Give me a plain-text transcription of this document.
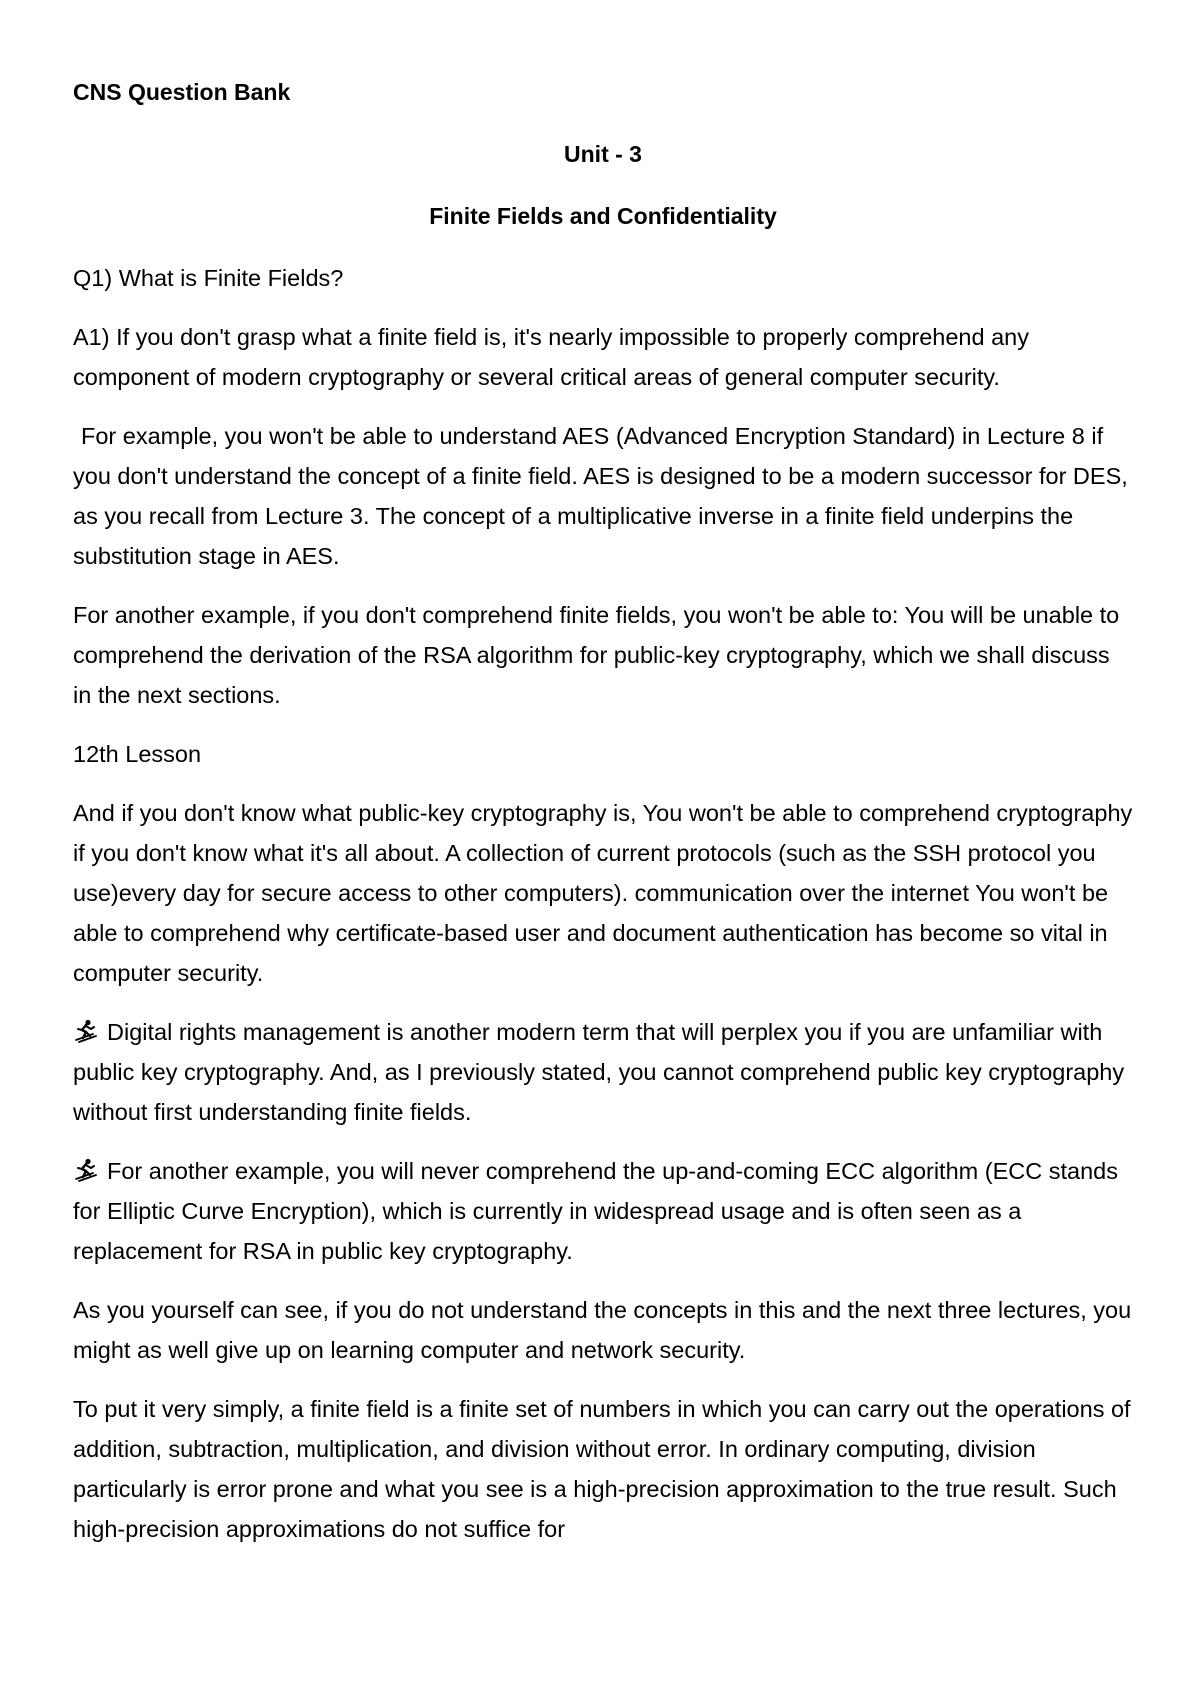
CNS Question Bank
Unit - 3
Finite Fields and Confidentiality

Q1) What is Finite Fields?

A1) If you don't grasp what a finite field is, it's nearly impossible to properly comprehend any component of modern cryptography or several critical areas of general computer security.

For example, you won't be able to understand AES (Advanced Encryption Standard) in Lecture 8 if you don't understand the concept of a finite field. AES is designed to be a modern successor for DES, as you recall from Lecture 3. The concept of a multiplicative inverse in a finite field underpins the substitution stage in AES.

For another example, if you don't comprehend finite fields, you won't be able to: You will be unable to comprehend the derivation of the RSA algorithm for public-key cryptography, which we shall discuss in the next sections.

12th Lesson

And if you don't know what public-key cryptography is, You won't be able to comprehend cryptography if you don't know what it's all about. A collection of current protocols (such as the SSH protocol you use)every day for secure access to other computers). communication over the internet You won't be able to comprehend why certificate-based user and document authentication has become so vital in computer security.

Digital rights management is another modern term that will perplex you if you are unfamiliar with public key cryptography. And, as I previously stated, you cannot comprehend public key cryptography without first understanding finite fields.

For another example, you will never comprehend the up-and-coming ECC algorithm (ECC stands for Elliptic Curve Encryption), which is currently in widespread usage and is often seen as a replacement for RSA in public key cryptography.

As you yourself can see, if you do not understand the concepts in this and the next three lectures, you might as well give up on learning computer and network security.

To put it very simply, a finite field is a finite set of numbers in which you can carry out the operations of addition, subtraction, multiplication, and division without error. In ordinary computing, division particularly is error prone and what you see is a high-precision approximation to the true result. Such high-precision approximations do not suffice for
